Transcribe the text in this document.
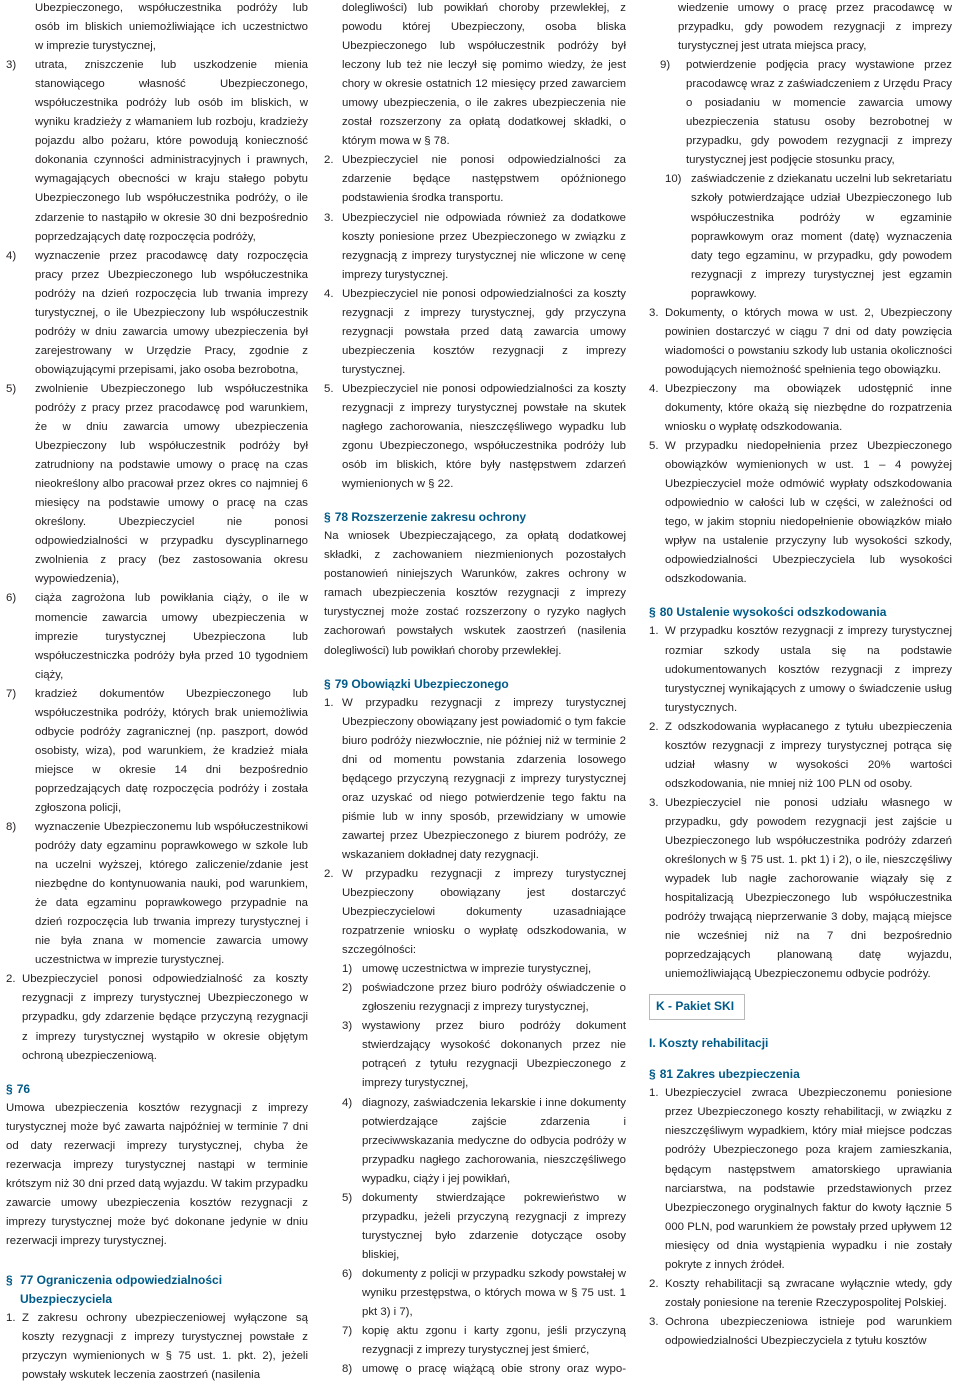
Ubezpieczonego, współuczestnika podróży lub
osób im bliskich uniemożliwiające ich uczestnictwo
w imprezie turystycznej,
3)	utrata, zniszczenie lub uszkodzenie mienia stanowiącego własność Ubezpieczonego, współuczestnika podróży lub osób im bliskich, w wyniku kradzieży z włamaniem lub rozboju, kradzieży pojazdu albo pożaru, które powodują konieczność dokonania czynności administracyjnych i prawnych, wymagających obecności w kraju stałego pobytu Ubezpieczonego lub współuczestnika podróży, o ile zdarzenie to nastąpiło w okresie 30 dni bezpośrednio poprzedzających datę rozpoczęcia podróży,
4)	wyznaczenie przez pracodawcę daty rozpoczęcia pracy przez Ubezpieczonego lub współuczestnika podróży na dzień rozpoczęcia lub trwania imprezy turystycznej, o ile Ubezpieczony lub współuczestnik podróży w dniu zawarcia umowy ubezpieczenia był zarejestrowany w Urzędzie Pracy, zgodnie z obowiązującymi przepisami, jako osoba bezrobotna,
5)	zwolnienie Ubezpieczonego lub współuczestnika podróży z pracy przez pracodawcę pod warunkiem, że w dniu zawarcia umowy ubezpieczenia Ubezpieczony lub współuczestnik podróży był zatrudniony na podstawie umowy o pracę na czas nieokreślony albo pracował przez okres co najmniej 6 miesięcy na podstawie umowy o pracę na czas określony. Ubezpieczyciel nie ponosi odpowiedzialności w przypadku dyscyplinarnego zwolnienia z pracy (bez zastosowania okresu wypowiedzenia),
6)	ciąża zagrożona lub powikłania ciąży, o ile w momencie zawarcia umowy ubezpieczenia w imprezie turystycznej Ubezpieczona lub współuczestniczka podróży była przed 10 tygodniem ciąży,
7)	kradzież dokumentów Ubezpieczonego lub współuczestnika podróży, których brak uniemożliwia odbycie podróży zagranicznej (np. paszport, dowód osobisty, wiza), pod warunkiem, że kradzież miała miejsce w okresie 14 dni bezpośrednio poprzedzających datę rozpoczęcia podróży i została zgłoszona policji,
8)	wyznaczenie Ubezpieczonemu lub współuczestnikowi podróży daty egzaminu poprawkowego w szkole lub na uczelni wyższej, którego zaliczenie/zdanie jest niezbędne do kontynuowania nauki, pod warunkiem, że data egzaminu poprawkowego przypadnie na dzień rozpoczęcia lub trwania imprezy turystycznej i nie była znana w momencie zawarcia umowy uczestnictwa w imprezie turystycznej.
2. Ubezpieczyciel ponosi odpowiedzialność za koszty rezygnacji z imprezy turystycznej Ubezpieczonego w przypadku, gdy zdarzenie będące przyczyną rezygnacji z imprezy turystycznej wystąpiło w okresie objętym ochroną ubezpieczeniową.
§ 76
Umowa ubezpieczenia kosztów rezygnacji z imprezy turystycznej może być zawarta najpóźniej w terminie 7 dni od daty rezerwacji imprezy turystycznej, chyba że rezerwacja imprezy turystycznej nastąpi w terminie krótszym niż 30 dni przed datą wyjazdu. W takim przypadku zawarcie umowy ubezpieczenia kosztów rezygnacji z imprezy turystycznej może być dokonane jedynie w dniu rezerwacji imprezy turystycznej.
§ 77 Ograniczenia odpowiedzialności Ubezpieczyciela
1. Z zakresu ochrony ubezpieczeniowej wyłączone są koszty rezygnacji z imprezy turystycznej powstałe z przyczyn wymienionych w § 75 ust. 1. pkt. 2), jeżeli powstały wskutek leczenia zaostrzeń (nasilenia
dolegliwości) lub powikłań choroby przewlekłej, z powodu której Ubezpieczony, osoba bliska Ubezpieczonego lub współuczestnik podróży był leczony lub też nie leczył się pomimo wiedzy, że jest chory w okresie ostatnich 12 miesięcy przed zawarciem umowy ubezpieczenia, o ile zakres ubezpieczenia nie został rozszerzony za opłatą dodatkowej składki, o którym mowa w § 78.
2. Ubezpieczyciel nie ponosi odpowiedzialności za zdarzenie będące następstwem opóźnionego podstawienia środka transportu.
3. Ubezpieczyciel nie odpowiada również za dodatkowe koszty poniesione przez Ubezpieczonego w związku z rezygnacją z imprezy turystycznej nie wliczone w cenę imprezy turystycznej.
4. Ubezpieczyciel nie ponosi odpowiedzialności za koszty rezygnacji z imprezy turystycznej, gdy przyczyna rezygnacji powstała przed datą zawarcia umowy ubezpieczenia kosztów rezygnacji z imprezy turystycznej.
5. Ubezpieczyciel nie ponosi odpowiedzialności za koszty rezygnacji z imprezy turystycznej powstałe na skutek nagłego zachorowania, nieszczęśliwego wypadku lub zgonu Ubezpieczonego, współuczestnika podróży lub osób im bliskich, które były następstwem zdarzeń wymienionych w § 22.
§ 78 Rozszerzenie zakresu ochrony
Na wniosek Ubezpieczającego, za opłatą dodatkowej składki, z zachowaniem niezmienionych pozostałych postanowień niniejszych Warunków, zakres ochrony w ramach ubezpieczenia kosztów rezygnacji z imprezy turystycznej może zostać rozszerzony o ryzyko nagłych zachorowań powstałych wskutek zaostrzeń (nasilenia dolegliwości) lub powikłań choroby przewlekłej.
§ 79 Obowiązki Ubezpieczonego
1. W przypadku rezygnacji z imprezy turystycznej Ubezpieczony obowiązany jest powiadomić o tym fakcie biuro podróży niezwłocznie, nie później niż w terminie 2 dni od momentu powstania zdarzenia losowego będącego przyczyną rezygnacji z imprezy turystycznej oraz uzyskać od niego potwierdzenie tego faktu na piśmie lub w inny sposób, przewidziany w umowie zawartej przez Ubezpieczonego z biurem podróży, ze wskazaniem dokładnej daty rezygnacji.
2. W przypadku rezygnacji z imprezy turystycznej Ubezpieczony obowiązany jest dostarczyć Ubezpieczycielowi dokumenty uzasadniające rozpatrzenie wniosku o wypłatę odszkodowania, w szczególności:
1) umowę uczestnictwa w imprezie turystycznej,
2) poświadczone przez biuro podróży oświadczenie o zgłoszeniu rezygnacji z imprezy turystycznej,
3) wystawiony przez biuro podróży dokument stwierdzający wysokość dokonanych przez nie potrąceń z tytułu rezygnacji Ubezpieczonego z imprezy turystycznej,
4) diagnozy, zaświadczenia lekarskie i inne dokumenty potwierdzające zajście zdarzenia i przeciwwskazania medyczne do odbycia podróży w przypadku nagłego zachorowania, nieszczęśliwego wypadku, ciąży i jej powikłań,
5) dokumenty stwierdzające pokrewieństwo w przypadku, jeżeli przyczyną rezygnacji z imprezy turystycznej było zdarzenie dotyczące osoby bliskiej,
6) dokumenty z policji w przypadku szkody powstałej w wyniku przestępstwa, o których mowa w § 75 ust. 1 pkt 3) i 7),
7) kopię aktu zgonu i karty zgonu, jeśli przyczyną rezygnacji z imprezy turystycznej jest śmierć,
8) umowę o pracę wiążącą obie strony oraz wypo-
wiedzenie umowy o pracę przez pracodawcę w
przypadku, gdy powodem rezygnacji z imprezy
turystycznej jest utrata miejsca pracy,
9)	potwierdzenie podjęcia pracy wystawione przez pracodawcę wraz z zaświadczeniem z Urzędu Pracy o posiadaniu w momencie zawarcia umowy ubezpieczenia statusu osoby bezrobotnej w przypadku, gdy powodem rezygnacji z imprezy turystycznej jest podjęcie stosunku pracy,
10) zaświadczenie z dziekanatu uczelni lub sekretariatu szkoły potwierdzające udział Ubezpieczonego lub współuczestnika podróży w egzaminie poprawkowym oraz moment (datę) wyznaczenia daty tego egzaminu, w przypadku, gdy powodem rezygnacji z imprezy turystycznej jest egzamin poprawkowy.
3. Dokumenty, o których mowa w ust. 2, Ubezpieczony powinien dostarczyć w ciągu 7 dni od daty powzięcia wiadomości o powstaniu szkody lub ustania okoliczności powodujących niemożność spełnienia tego obowiązku.
4. Ubezpieczony ma obowiązek udostępnić inne dokumenty, które okażą się niezbędne do rozpatrzenia wniosku o wypłatę odszkodowania.
5. W przypadku niedopełnienia przez Ubezpieczonego obowiązków wymienionych w ust. 1 – 4 powyżej Ubezpieczyciel może odmówić wypłaty odszkodowania odpowiednio w całości lub w części, w zależności od tego, w jakim stopniu niedopełnienie obowiązków miało wpływ na ustalenie przyczyny lub wysokości szkody, odpowiedzialności Ubezpieczyciela lub wysokości odszkodowania.
§ 80 Ustalenie wysokości odszkodowania
1. W przypadku kosztów rezygnacji z imprezy turystycznej rozmiar szkody ustala się na podstawie udokumentowanych kosztów rezygnacji z imprezy turystycznej wynikających z umowy o świadczenie usług turystycznych.
2. Z odszkodowania wypłacanego z tytułu ubezpieczenia kosztów rezygnacji z imprezy turystycznej potrąca się udział własny w wysokości 20% wartości odszkodowania, nie mniej niż 100 PLN od osoby.
3. Ubezpieczyciel nie ponosi udziału własnego w przypadku, gdy powodem rezygnacji jest zajście u Ubezpieczonego lub współuczestnika podróży zdarzeń określonych w § 75 ust. 1. pkt 1) i 2), o ile, nieszczęśliwy wypadek lub nagłe zachorowanie wiązały się z hospitalizacją Ubezpieczonego lub współuczestnika podróży trwającą nieprzerwanie 3 doby, mającą miejsce nie wcześniej niż na 7 dni bezpośrednio poprzedzających planowaną datę wyjazdu, uniemożliwiającą Ubezpieczonemu odbycie podróży.
K - Pakiet SKI
I. Koszty rehabilitacji
§ 81 Zakres ubezpieczenia
1. Ubezpieczyciel zwraca Ubezpieczonemu poniesione przez Ubezpieczonego koszty rehabilitacji, w związku z nieszczęśliwym wypadkiem, który miał miejsce podczas podróży Ubezpieczonego poza krajem zamieszkania, będącym następstwem amatorskiego uprawiania narciarstwa, na podstawie przedstawionych przez Ubezpieczonego oryginalnych faktur do kwoty łącznie 5 000 PLN, pod warunkiem że powstały przed upływem 12 miesięcy od dnia wystąpienia wypadku i nie zostały pokryte z innych źródeł.
2. Koszty rehabilitacji są zwracane wyłącznie wtedy, gdy zostały poniesione na terenie Rzeczypospolitej Polskiej.
3. Ochrona ubezpieczeniowa istnieje pod warunkiem odpowiedzialności Ubezpieczyciela z tytułu kosztów
